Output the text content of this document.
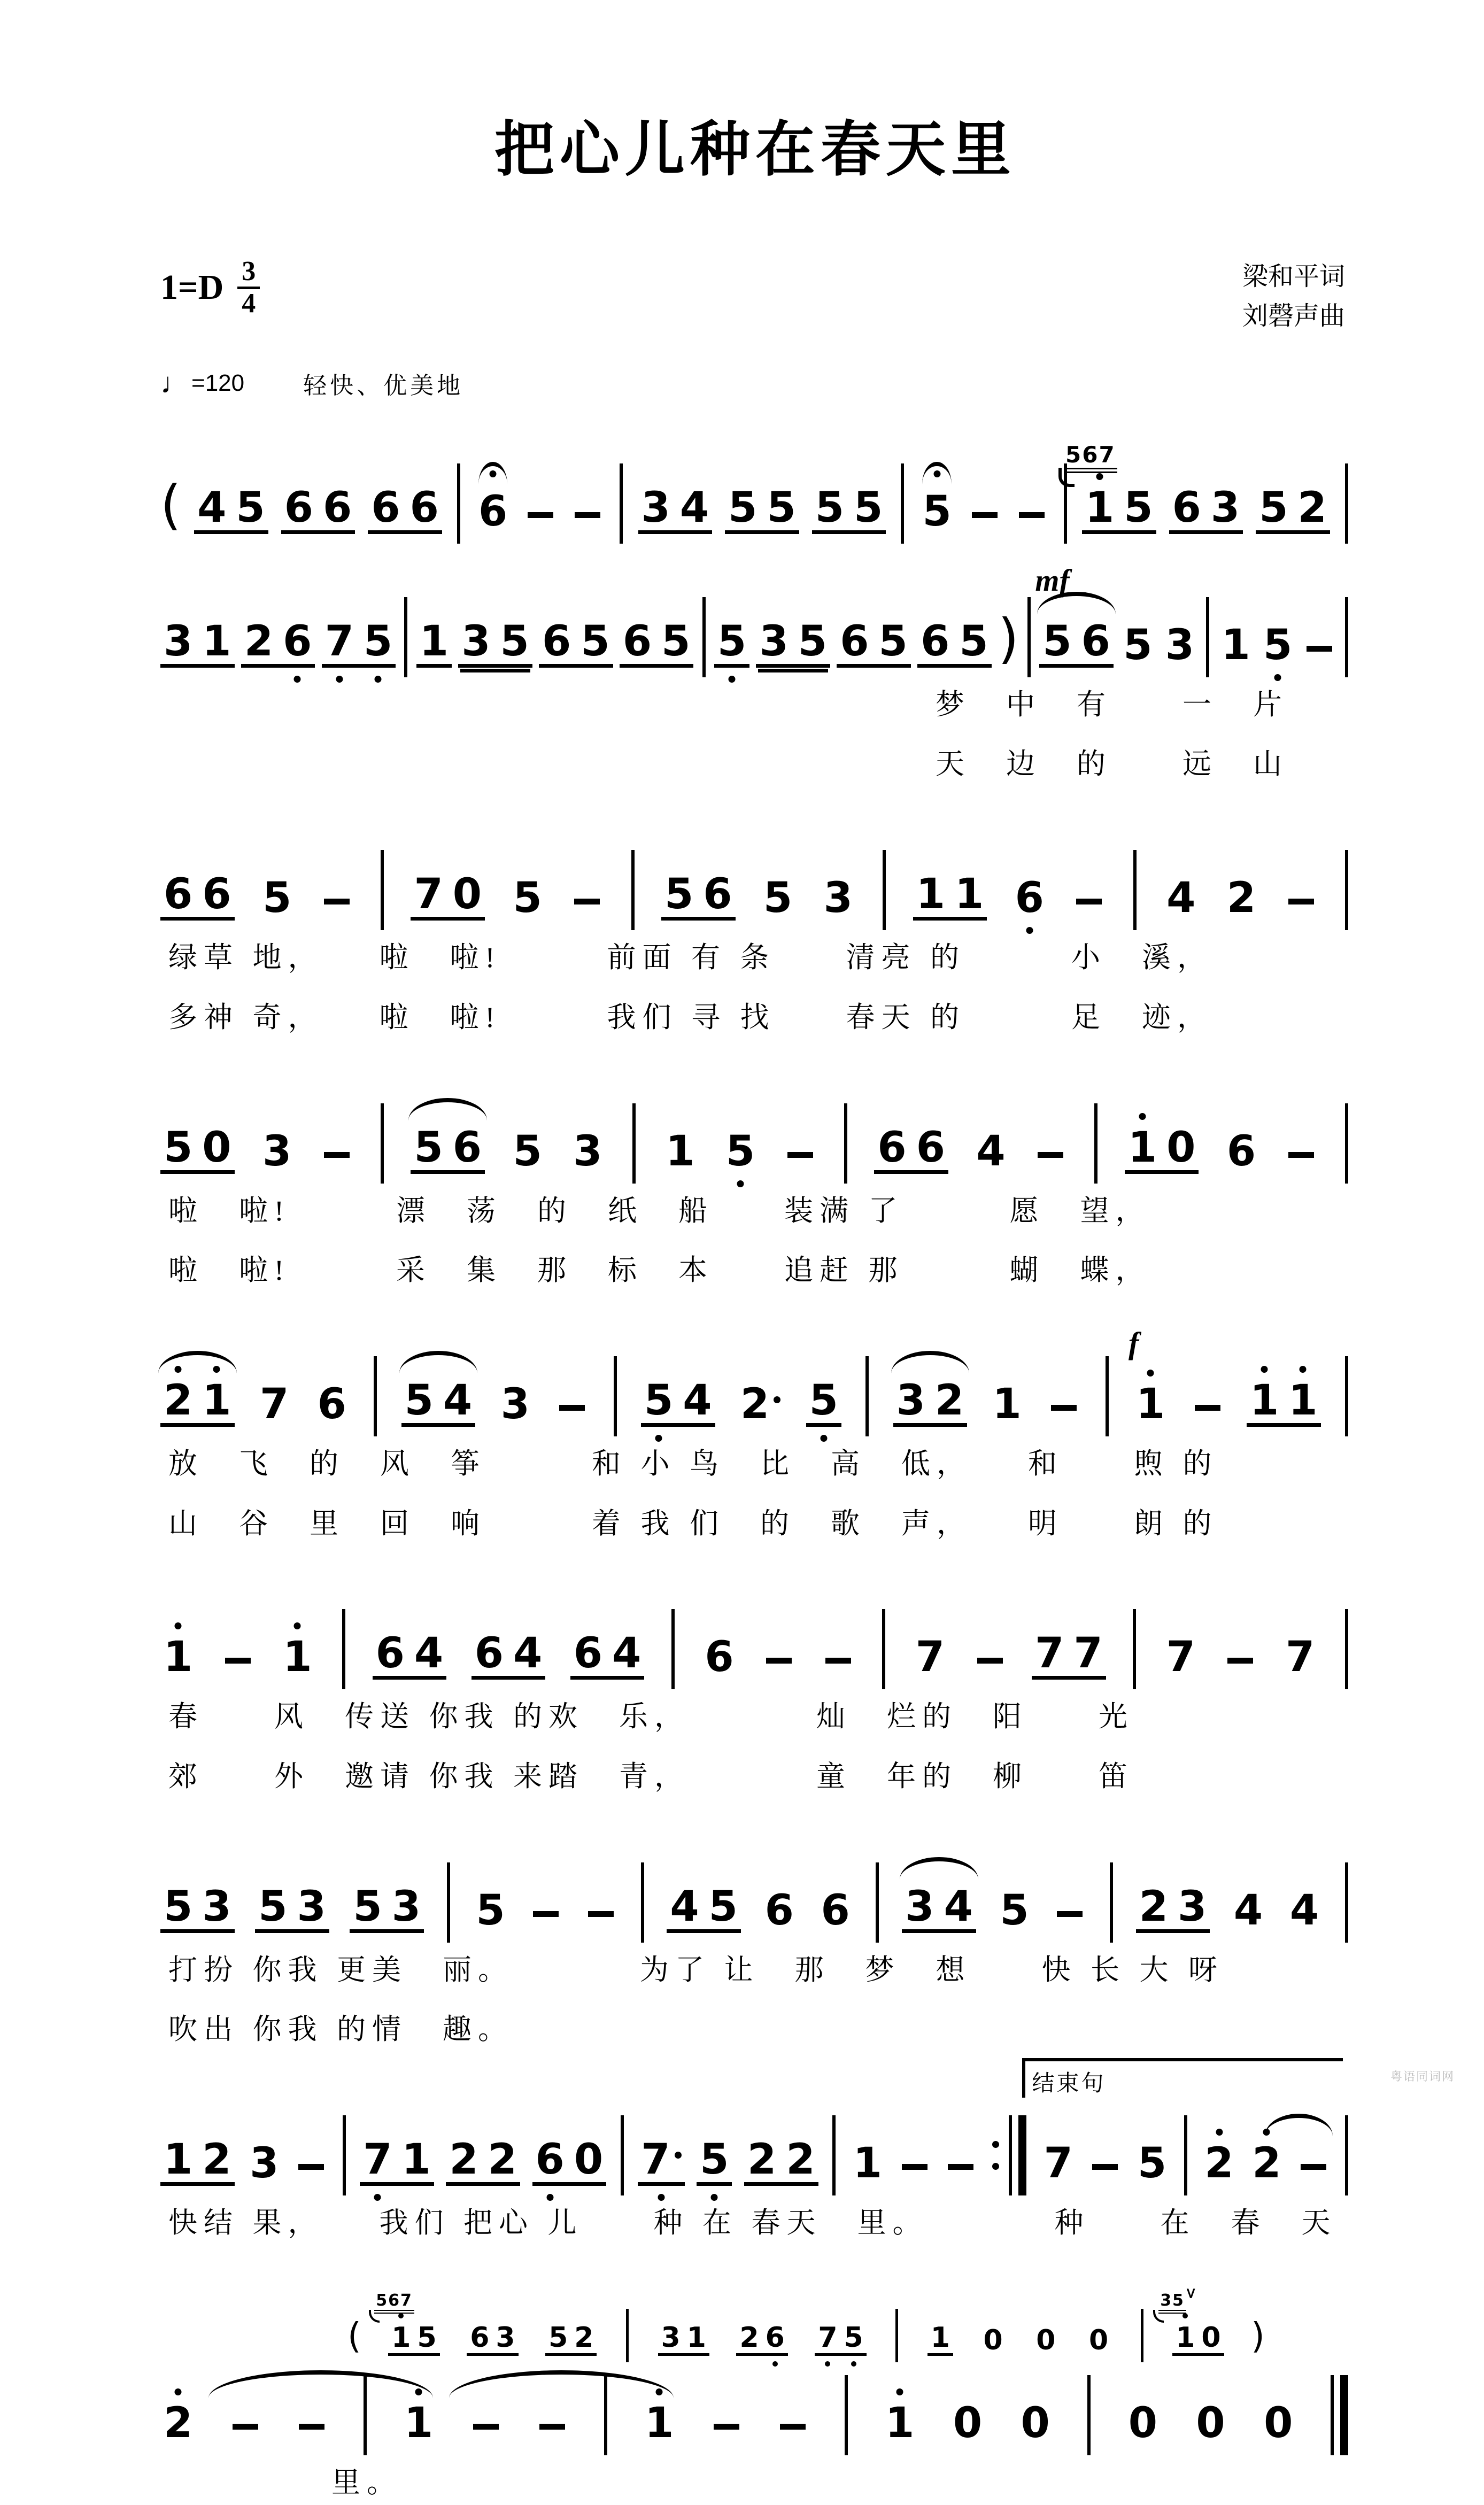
把心儿种在春天里
$1=D \frac{3}{4}$	梁和平词
刘磬声曲
♩ =120	轻快、优美地
( 4 5 6 6 6 6 6	3 4 5 5 5 5 5
567
1 5 6 3 5 2
3 1 2 6 7 5 1 3 5 6 5 6 5 5 3 5 6 5 6 5 )
mf
5 6 5 3 1 5
梦　中　有　　一　片
天　边　的　　远　山
6 6 5	7 0 5	5 6 5 3 1 1 6	4 2
绿草 地，　　啦　啦!　　　前面 有 条　　清亮 的　　　小　溪，
多神 奇，　　啦　啦!　　　我们 寻 找　　春天 的　　　足　迹，
5 0 3	5 6 5 3 1 5	6 6 4	1 0 6
啦　啦!　　　漂　荡　的　纸　船　　装满 了　　　愿　望，
啦　啦!　　　采　集　那　标　本　　追赶 那　　　蝴　蝶，
2 1 7 6 5 4 3	5 4 2 5 3 2 1
f
1 1 1
放　飞　的　风　筝　　　和 小 鸟　比　高　低，　　和　　煦 的
山　谷　里　回　响　　　着 我 们　的　歌　声，　　明　　朗 的
1 1 6 4 6 4 6 4 6	7 7 7 7 7
春　　风　传送 你我 的欢　乐，　　　　灿　烂的　阳　　光
郊　　外　邀请 你我 来踏　青，　　　　童　年的　柳　　笛
5 3 5 3 5 3 5	4 5 6 6 3 4 5	2 3 4 4
打扮 你我 更美　丽。　　　　为了 让　那　梦　想　　快 长 大 呀
吹出 你我 的情　趣。
1 2 3 7 1 2 2 6 0 7 5 2 2 1
结束句
7 5 2 2
快结 果，　　我们 把心 儿　　种 在 春天　里。　　　　种　　在　春　天
(
567
1 5 6 3 5 2 3 1 2 6 7 5 1 0 0 0
35
>
1 0 )
2	1	1	1 0 0 0 0 0
里。
粤语同词网
